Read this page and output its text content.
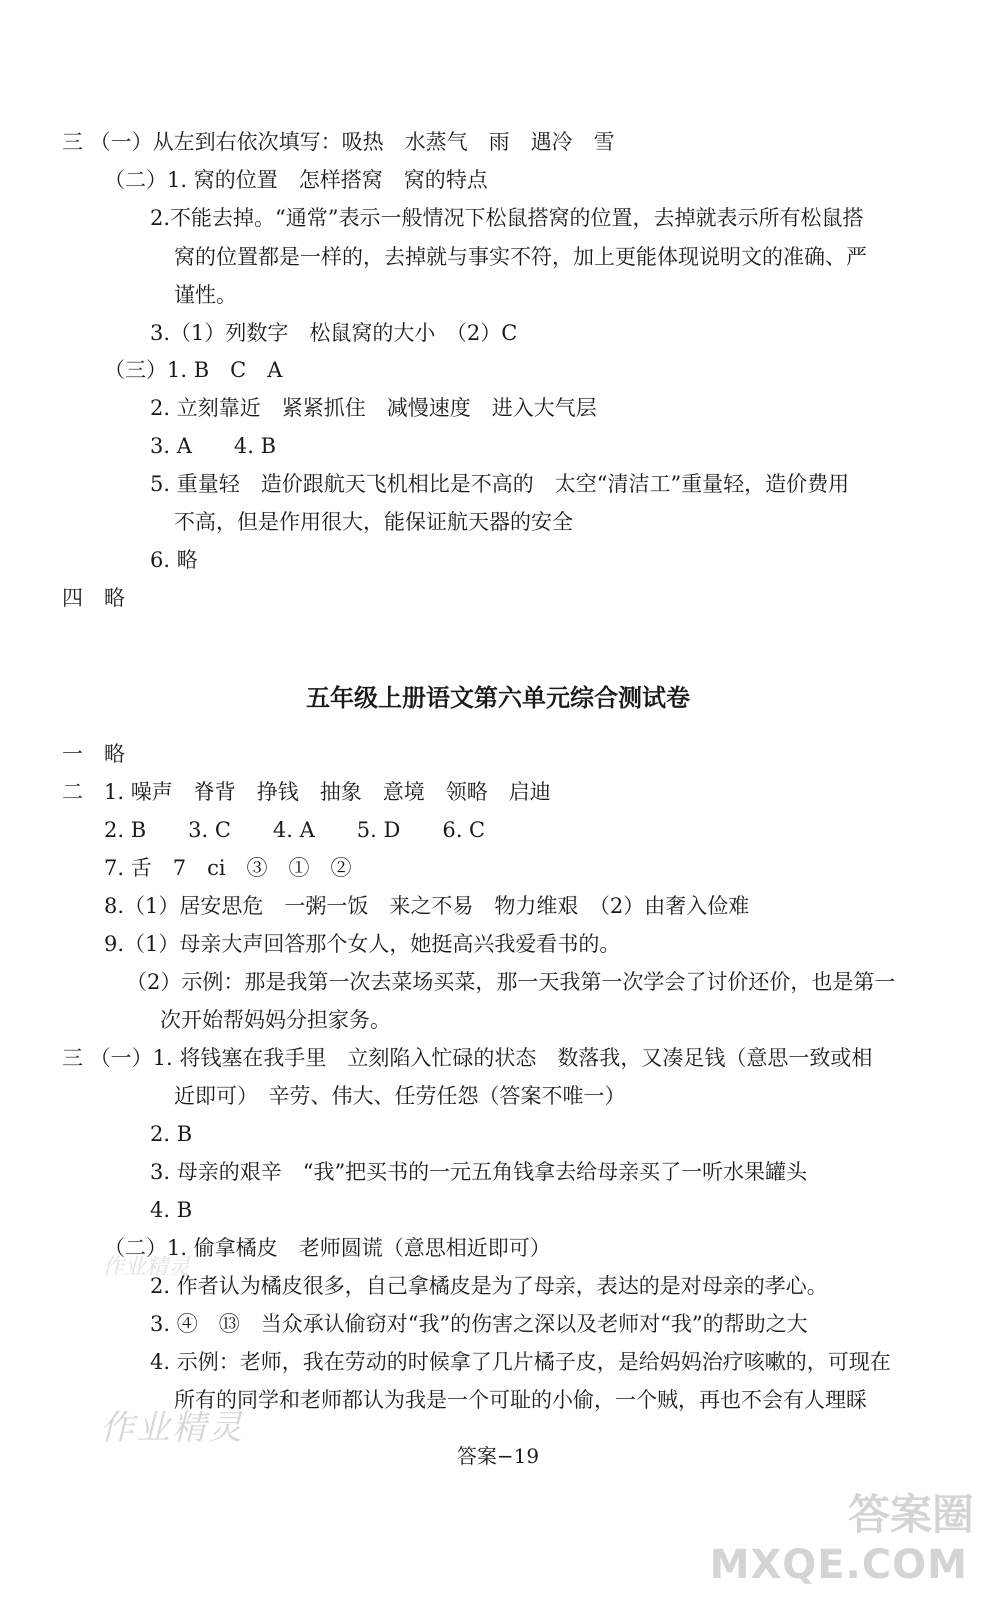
三 （一）从左到右依次填写：吸热　水蒸气　雨　遇冷　雪
（二）1. 窝的位置　怎样搭窝　窝的特点
2.不能去掉。“通常”表示一般情况下松鼠搭窝的位置，去掉就表示所有松鼠搭
窝的位置都是一样的，去掉就与事实不符，加上更能体现说明文的准确、严
谨性。
3.（1）列数字　松鼠窝的大小　（2）C
（三）1. B　C　A
2. 立刻靠近　紧紧抓住　减慢速度　进入大气层
3. A　　4. B
5. 重量轻　造价跟航天飞机相比是不高的　太空“清洁工”重量轻，造价费用
不高，但是作用很大，能保证航天器的安全
6. 略
四　略
五年级上册语文第六单元综合测试卷
一　略
二　1. 噪声　脊背　挣钱　抽象　意境　领略　启迪
2. B　　3. C　　4. A　　5. D　　6. C
7. 舌　7　ci　③　①　②
8.（1）居安思危　一粥一饭　来之不易　物力维艰　（2）由奢入俭难
9.（1）母亲大声回答那个女人，她挺高兴我爱看书的。
（2）示例：那是我第一次去菜场买菜，那一天我第一次学会了讨价还价，也是第一
次开始帮妈妈分担家务。
三 （一）1. 将钱塞在我手里　立刻陷入忙碌的状态　数落我，又凑足钱（意思一致或相
近即可）　辛劳、伟大、任劳任怨（答案不唯一）
2. B
3. 母亲的艰辛　“我”把买书的一元五角钱拿去给母亲买了一听水果罐头
4. B
（二）1. 偷拿橘皮　老师圆谎（意思相近即可）
2. 作者认为橘皮很多，自己拿橘皮是为了母亲，表达的是对母亲的孝心。
3. ④　⑬　当众承认偷窃对“我”的伤害之深以及老师对“我”的帮助之大
4. 示例：老师，我在劳动的时候拿了几片橘子皮，是给妈妈治疗咳嗽的，可现在
所有的同学和老师都认为我是一个可耻的小偷，一个贼，再也不会有人理睬
作业精灵
作业精灵
答案−19
答案圈
MXQE.COM
